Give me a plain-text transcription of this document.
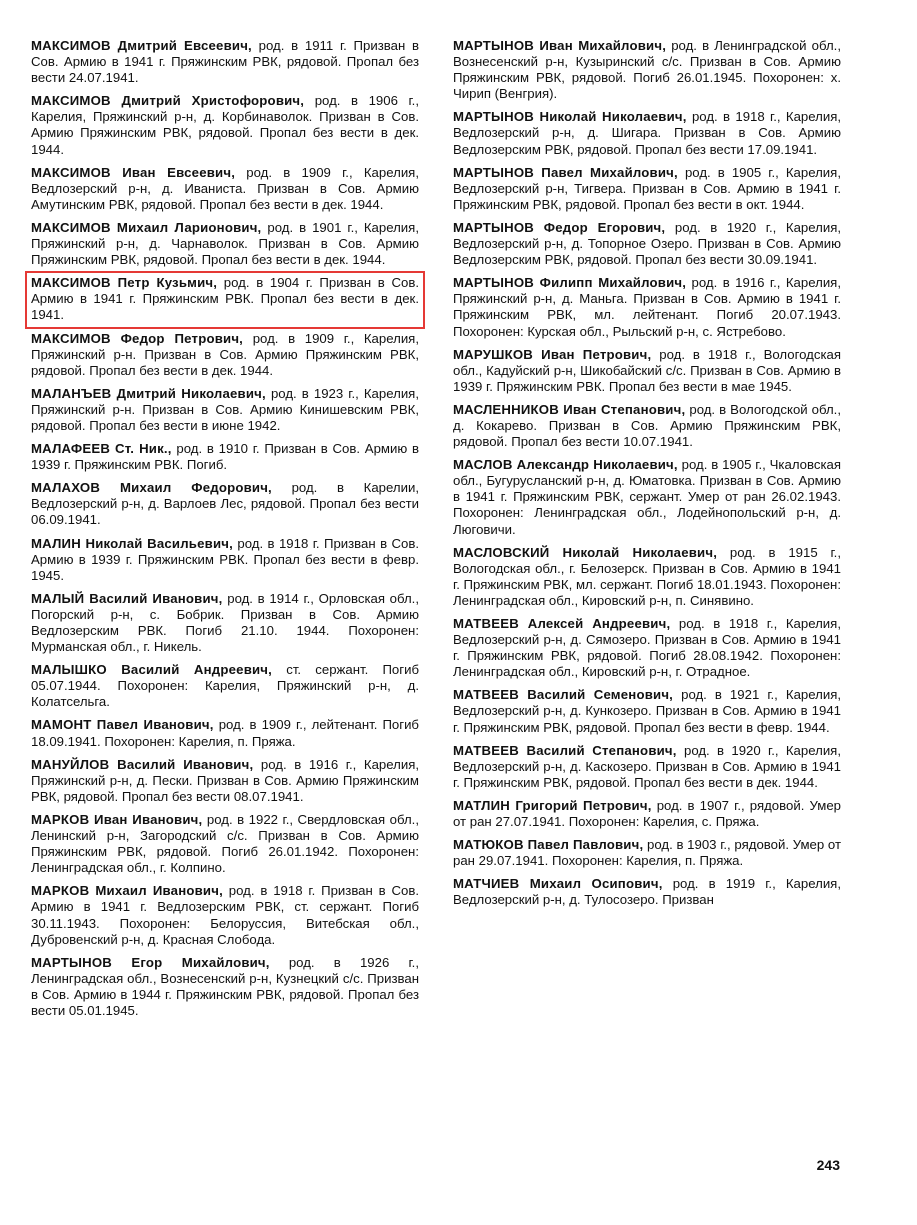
МАКСИМОВ Дмитрий Евсеевич, род. в 1911 г. Призван в Сов. Армию в 1941 г. Пряжинским РВК, рядовой. Пропал без вести 24.07.1941.

МАКСИМОВ Дмитрий Христофорович, род. в 1906 г., Карелия, Пряжинский р-н, д. Корбинаволок. Призван в Сов. Армию Пряжинским РВК, рядовой. Пропал без вести в дек. 1944.

МАКСИМОВ Иван Евсеевич, род. в 1909 г., Карелия, Ведлозерский р-н, д. Иваниста. Призван в Сов. Армию Амутинским РВК, рядовой. Пропал без вести в дек. 1944.

МАКСИМОВ Михаил Ларионович, род. в 1901 г., Карелия, Пряжинский р-н, д. Чарнаволок. Призван в Сов. Армию Пряжинским РВК, рядовой. Пропал без вести в дек. 1944.

МАКСИМОВ Петр Кузьмич, род. в 1904 г. Призван в Сов. Армию в 1941 г. Пряжинским РВК. Пропал без вести в дек. 1941.

МАКСИМОВ Федор Петрович, род. в 1909 г., Карелия, Пряжинский р-н. Призван в Сов. Армию Пряжинским РВК, рядовой. Пропал без вести в дек. 1944.

МАЛАНЪЕВ Дмитрий Николаевич, род. в 1923 г., Карелия, Пряжинский р-н. Призван в Сов. Армию Кинишевским РВК, рядовой. Пропал без вести в июне 1942.

МАЛАФЕЕВ Ст. Ник., род. в 1910 г. Призван в Сов. Армию в 1939 г. Пряжинским РВК. Погиб.

МАЛАХОВ Михаил Федорович, род. в Карелии, Ведлозерский р-н, д. Варлоев Лес, рядовой. Пропал без вести 06.09.1941.

МАЛИН Николай Васильевич, род. в 1918 г. Призван в Сов. Армию в 1939 г. Пряжинским РВК. Пропал без вести в февр. 1945.

МАЛЫЙ Василий Иванович, род. в 1914 г., Орловская обл., Погорский р-н, с. Бобрик. Призван в Сов. Армию Ведлозерским РВК. Погиб 21.10. 1944. Похоронен: Мурманская обл., г. Никель.

МАЛЫШКО Василий Андреевич, ст. сержант. Погиб 05.07.1944. Похоронен: Карелия, Пряжинский р-н, д. Колатсельга.

МАМОНТ Павел Иванович, род. в 1909 г., лейтенант. Погиб 18.09.1941. Похоронен: Карелия, п. Пряжа.

МАНУЙЛОВ Василий Иванович, род. в 1916 г., Карелия, Пряжинский р-н, д. Пески. Призван в Сов. Армию Пряжинским РВК, рядовой. Пропал без вести 08.07.1941.

МАРКОВ Иван Иванович, род. в 1922 г., Свердловская обл., Ленинский р-н, Загородский с/с. Призван в Сов. Армию Пряжинским РВК, рядовой. Погиб 26.01.1942. Похоронен: Ленинградская обл., г. Колпино.

МАРКОВ Михаил Иванович, род. в 1918 г. Призван в Сов. Армию в 1941 г. Ведлозерским РВК, ст. сержант. Погиб 30.11.1943. Похоронен: Белоруссия, Витебская обл., Дубровенский р-н, д. Красная Слобода.

МАРТЫНОВ Егор Михайлович, род. в 1926 г., Ленинградская обл., Вознесенский р-н, Кузнецкий с/с. Призван в Сов. Армию в 1944 г. Пряжинским РВК, рядовой. Пропал без вести 05.01.1945.

МАРТЫНОВ Иван Михайлович, род. в Ленинградской обл., Вознесенский р-н, Кузыринский с/с. Призван в Сов. Армию Пряжинским РВК, рядовой. Погиб 26.01.1945. Похоронен: х. Чирип (Венгрия).

МАРТЫНОВ Николай Николаевич, род. в 1918 г., Карелия, Ведлозерский р-н, д. Шигара. Призван в Сов. Армию Ведлозерским РВК, рядовой. Пропал без вести 17.09.1941.

МАРТЫНОВ Павел Михайлович, род. в 1905 г., Карелия, Ведлозерский р-н, Тигвера. Призван в Сов. Армию в 1941 г. Пряжинским РВК, рядовой. Пропал без вести в окт. 1944.

МАРТЫНОВ Федор Егорович, род. в 1920 г., Карелия, Ведлозерский р-н, д. Топорное Озеро. Призван в Сов. Армию Ведлозерским РВК, рядовой. Пропал без вести 30.09.1941.

МАРТЫНОВ Филипп Михайлович, род. в 1916 г., Карелия, Пряжинский р-н, д. Маньга. Призван в Сов. Армию в 1941 г. Пряжинским РВК, мл. лейтенант. Погиб 20.07.1943. Похоронен: Курская обл., Рыльский р-н, с. Ястребово.

МАРУШКОВ Иван Петрович, род. в 1918 г., Вологодская обл., Кадуйский р-н, Шикобайский с/с. Призван в Сов. Армию в 1939 г. Пряжинским РВК. Пропал без вести в мае 1945.

МАСЛЕННИКОВ Иван Степанович, род. в Вологодской обл., д. Кокарево. Призван в Сов. Армию Пряжинским РВК, рядовой. Пропал без вести 10.07.1941.

МАСЛОВ Александр Николаевич, род. в 1905 г., Чкаловская обл., Бугурусланский р-н, д. Юматовка. Призван в Сов. Армию в 1941 г. Пряжинским РВК, сержант. Умер от ран 26.02.1943. Похоронен: Ленинградская обл., Лодейнопольский р-н, д. Люговичи.

МАСЛОВСКИЙ Николай Николаевич, род. в 1915 г., Вологодская обл., г. Белозерск. Призван в Сов. Армию в 1941 г. Пряжинским РВК, мл. сержант. Погиб 18.01.1943. Похоронен: Ленинградская обл., Кировский р-н, п. Синявино.

МАТВЕЕВ Алексей Андреевич, род. в 1918 г., Карелия, Ведлозерский р-н, д. Сямозеро. Призван в Сов. Армию в 1941 г. Пряжинским РВК, рядовой. Погиб 28.08.1942. Похоронен: Ленинградская обл., Кировский р-н, г. Отрадное.

МАТВЕЕВ Василий Семенович, род. в 1921 г., Карелия, Ведлозерский р-н, д. Кункозеро. Призван в Сов. Армию в 1941 г. Пряжинским РВК, рядовой. Пропал без вести в февр. 1944.

МАТВЕЕВ Василий Степанович, род. в 1920 г., Карелия, Ведлозерский р-н, д. Каскозеро. Призван в Сов. Армию в 1941 г. Пряжинским РВК, рядовой. Пропал без вести в дек. 1944.

МАТЛИН Григорий Петрович, род. в 1907 г., рядовой. Умер от ран 27.07.1941. Похоронен: Карелия, с. Пряжа.

МАТЮКОВ Павел Павлович, род. в 1903 г., рядовой. Умер от ран 29.07.1941. Похоронен: Карелия, п. Пряжа.

МАТЧИЕВ Михаил Осипович, род. в 1919 г., Карелия, Ведлозерский р-н, д. Тулосозеро. Призван

243
